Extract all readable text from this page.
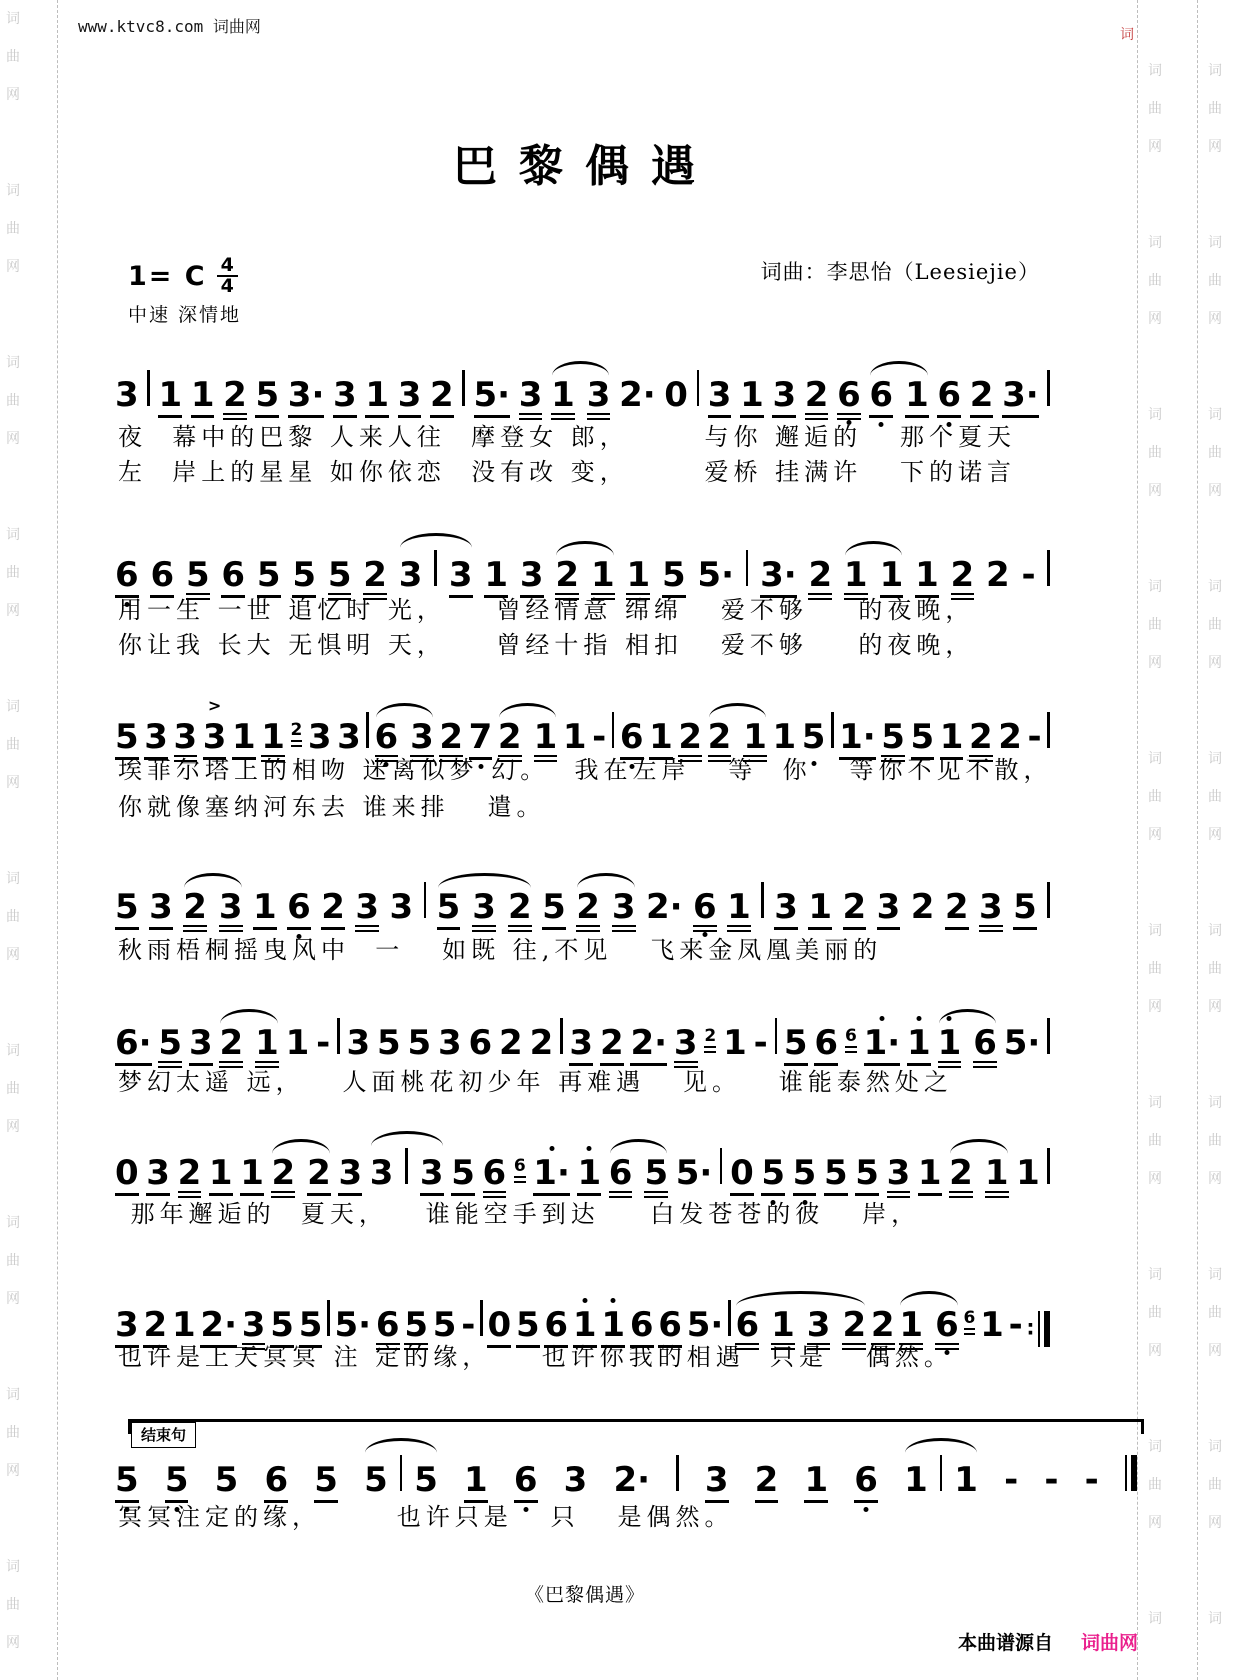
词
曲
网
词
曲
网
词
曲
网
词
曲
网
词
曲
网
词
曲
网
词
曲
网
词
曲
网
词
曲
网
词
曲
网
词
曲
网
词
曲
网
词
曲
网
词
曲
网
词
曲
网
词
曲
网
词
曲
网
词
曲
网
词
曲
网
词
词
曲
网
词
曲
网
词
曲
网
词
曲
网
词
曲
网
词
曲
网
词
曲
网
词
曲
网
词
曲
网
词
词
www.ktvc8.com 词曲网
巴黎偶遇
1= C $\frac{4}{4}$
中速 深情地
词曲：李思怡（Leesiejie）
3 1 1 2 5 3· 3 1 3 2 5· 3 1 3 2· 0 3 1 3 2 6 6 1 6 2 3·
夜  幕中的巴黎 人来人往  摩登女 郎，      与你 邂逅的   那个夏天
左  岸上的星星 如你依恋  没有改 变，      爱桥 挂满许   下的诺言
6 6 5 6 5 5 5 2 3 3 1 3 2 1 1 5 5· 3· 2 1 1 1 2 2 -
用一生 一世 追忆时 光，    曾经情意 绵绵   爱不够    的夜晚，
你让我 长大 无惧明 天，    曾经十指 相扣   爱不够    的夜晚，
5 3 3 3
>
1 1 2 3 3 6 3 2 7 2 1 1 - 6 1 2 2 1 1 5 1· 5 5 1 2 2 -
埃菲尔塔上的相吻 迷离似梦 幻。  我在左岸   等  你   等你不见不散，
你就像塞纳河东去 谁来排   遣。
5 3 2 3 1 6 2 3 3 5 3 2 5 2 3 2· 6 1 3 1 2 3 2 2 3 5
秋雨梧桐摇曳风中  一   如既 往,不见   飞来金凤凰美丽的
6· 5 3 2 1 1 - 3 5 5 3 6 2 2 3 2 2· 3 2 1 - 5 6 6 1· 1 1 6 5·
梦幻太遥 远，   人面桃花初少年 再难遇   见。   谁能泰然处之
0 3 2 1 1 2 2 3 3 3 5 6 6 1· 1 6 5 5· 0 5 5 5 5 3 1 2 1 1
那年邂逅的  夏天，   谁能空手到达    白发苍苍的彼   岸，
3 2 1 2· 3 5 5 5· 6 5 5 - 0 5 6 1 1 6 6 5· 6 1 3 2 2 1 6 6 1 - ∶
也许是上天冥冥 注 定的缘，    也许你我的相遇  只是   偶然。
5 5 5 6 5 5 5 1 6 3 2· 3 2 1 6 1 1 - - -
冥冥注定的缘，      也许只是   只   是偶然。
结束句
《巴黎偶遇》
本曲谱源自 词曲网
